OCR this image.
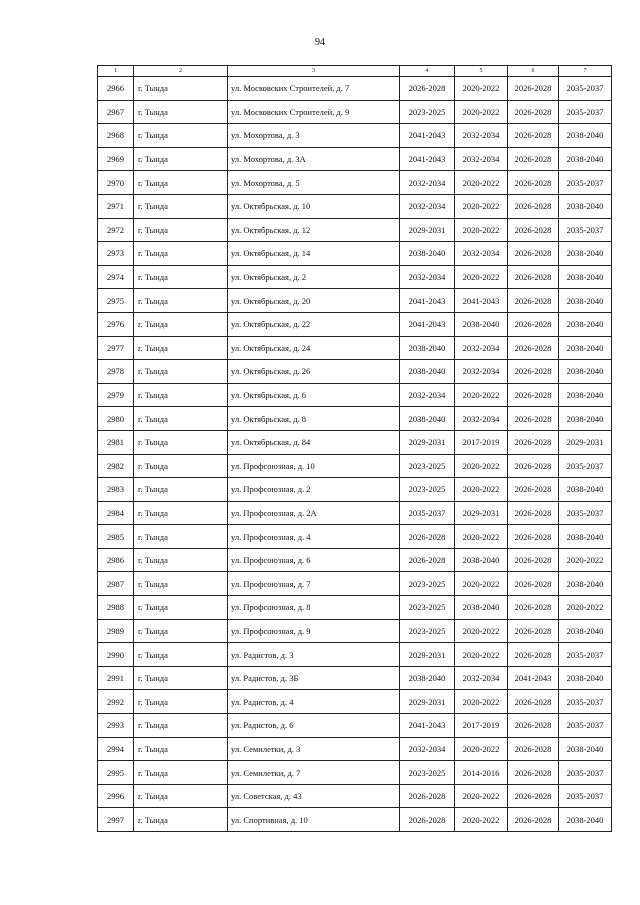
94
1	2	3	4	5	6	7
2966	г. Тында	ул. Московских Строителей, д. 7	2026-2028	2020-2022	2026-2028	2035-2037
2967	г. Тында	ул. Московских Строителей, д. 9	2023-2025	2020-2022	2026-2028	2035-2037
2968	г. Тында	ул. Мохортова, д. 3	2041-2043	2032-2034	2026-2028	2038-2040
2969	г. Тында	ул. Мохортова, д. 3А	2041-2043	2032-2034	2026-2028	2038-2040
2970	г. Тында	ул. Мохортова, д. 5	2032-2034	2020-2022	2026-2028	2035-2037
2971	г. Тында	ул. Октябрьская, д. 10	2032-2034	2020-2022	2026-2028	2038-2040
2972	г. Тында	ул. Октябрьская, д. 12	2029-2031	2020-2022	2026-2028	2035-2037
2973	г. Тында	ул. Октябрьская, д. 14	2038-2040	2032-2034	2026-2028	2038-2040
2974	г. Тында	ул. Октябрьская, д. 2	2032-2034	2020-2022	2026-2028	2038-2040
2975	г. Тында	ул. Октябрьская, д. 20	2041-2043	2041-2043	2026-2028	2038-2040
2976	г. Тында	ул. Октябрьская, д. 22	2041-2043	2038-2040	2026-2028	2038-2040
2977	г. Тында	ул. Октябрьская, д. 24	2038-2040	2032-2034	2026-2028	2038-2040
2978	г. Тында	ул. Октябрьская, д. 26	2038-2040	2032-2034	2026-2028	2038-2040
2979	г. Тында	ул. Октябрьская, д. 6	2032-2034	2020-2022	2026-2028	2038-2040
2980	г. Тында	ул. Октябрьская, д. 8	2038-2040	2032-2034	2026-2028	2038-2040
2981	г. Тында	ул. Октябрьская, д. 84	2029-2031	2017-2019	2026-2028	2029-2031
2982	г. Тында	ул. Профсоюзная, д. 10	2023-2025	2020-2022	2026-2028	2035-2037
2983	г. Тында	ул. Профсоюзная, д. 2	2023-2025	2020-2022	2026-2028	2038-2040
2984	г. Тында	ул. Профсоюзная, д. 2А	2035-2037	2029-2031	2026-2028	2035-2037
2985	г. Тында	ул. Профсоюзная, д. 4	2026-2028	2020-2022	2026-2028	2038-2040
2986	г. Тында	ул. Профсоюзная, д. 6	2026-2028	2038-2040	2026-2028	2020-2022
2987	г. Тында	ул. Профсоюзная, д. 7	2023-2025	2020-2022	2026-2028	2038-2040
2988	г. Тында	ул. Профсоюзная, д. 8	2023-2025	2038-2040	2026-2028	2020-2022
2989	г. Тында	ул. Профсоюзная, д. 9	2023-2025	2020-2022	2026-2028	2038-2040
2990	г. Тында	ул. Радистов, д. 3	2029-2031	2020-2022	2026-2028	2035-2037
2991	г. Тында	ул. Радистов, д. 3Б	2038-2040	2032-2034	2041-2043	2038-2040
2992	г. Тында	ул. Радистов, д. 4	2029-2031	2020-2022	2026-2028	2035-2037
2993	г. Тында	ул. Радистов, д. 6	2041-2043	2017-2019	2026-2028	2035-2037
2994	г. Тында	ул. Семилетки, д. 3	2032-2034	2020-2022	2026-2028	2038-2040
2995	г. Тында	ул. Семилетки, д. 7	2023-2025	2014-2016	2026-2028	2035-2037
2996	г. Тында	ул. Советская, д. 43	2026-2028	2020-2022	2026-2028	2035-2037
2997	г. Тында	ул. Спортивная, д. 10	2026-2028	2020-2022	2026-2028	2038-2040
